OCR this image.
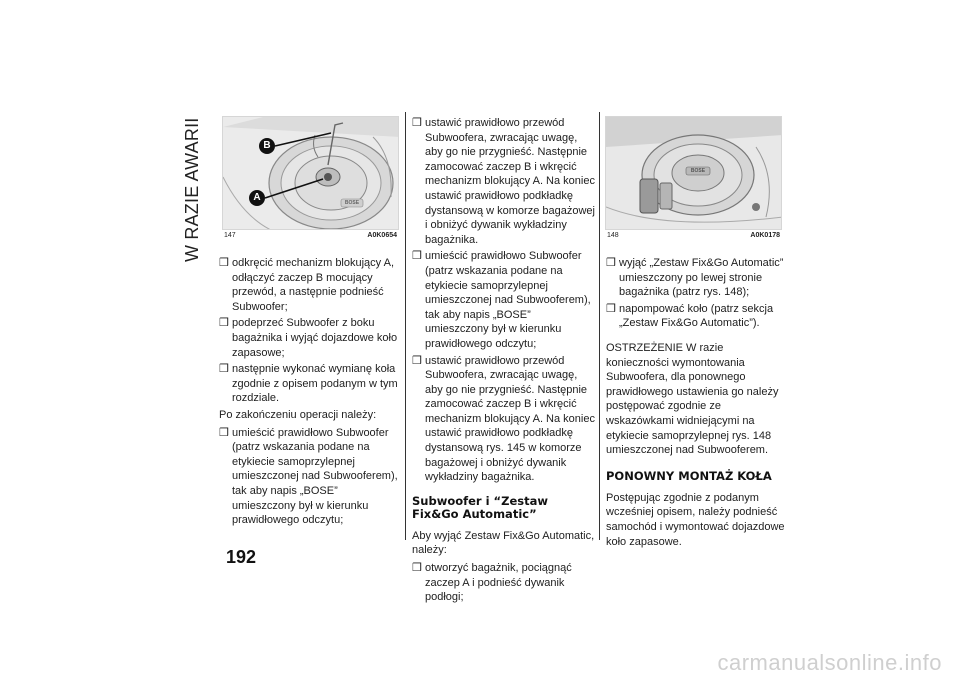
W RAZIE AWARII	B
A	BOSE
147	A0K0654
BOSE
148	A0K0178
❒ odkręcić mechanizm blokujący A, odłączyć zaczep B mocujący przewód, a następnie podnieść Subwoofer;
❒ podeprzeć Subwoofer z boku bagażnika i wyjąć dojazdowe koło zapasowe;
❒ następnie wykonać wymianę koła zgodnie z opisem podanym w tym rozdziale.
Po zakończeniu operacji należy:
❒ umieścić prawidłowo Subwoofer (patrz wskazania podane na etykiecie samoprzylepnej umieszczonej nad Subwooferem), tak aby napis „BOSE” umieszczony był w kierunku prawidłowego odczytu;
❒ ustawić prawidłowo przewód Subwoofera, zwracając uwagę, aby go nie przygnieść. Następnie zamocować zaczep B i wkręcić mechanizm blokujący A. Na koniec ustawić prawidłowo podkładkę dystansową w komorze bagażowej i obniżyć dywanik wykładziny bagażnika.
❒ umieścić prawidłowo Subwoofer (patrz wskazania podane na etykiecie samoprzylepnej umieszczonej nad Subwooferem), tak aby napis „BOSE” umieszczony był w kierunku prawidłowego odczytu;
❒ ustawić prawidłowo przewód Subwoofera, zwracając uwagę, aby go nie przygnieść. Następnie zamocować zaczep B i wkręcić mechanizm blokujący A. Na koniec ustawić prawidłowo podkładkę dystansową rys. 145 w komorze bagażowej i obniżyć dywanik wykładziny bagażnika.
Subwoofer i “Zestaw Fix&Go Automatic”
Aby wyjąć Zestaw Fix&Go Automatic, należy:
❒ otworzyć bagażnik, pociągnąć zaczep A i podnieść dywanik podłogi;
❒ wyjąć „Zestaw Fix&Go Automatic” umieszczony po lewej stronie bagażnika (patrz rys. 148);
❒ napompować koło (patrz sekcja „Zestaw Fix&Go Automatic”).
OSTRZEŻENIE W razie konieczności wymontowania Subwoofera, dla ponownego prawidłowego ustawienia go należy postępować zgodnie ze wskazówkami widniejącymi na etykiecie samoprzylepnej rys. 148 umieszczonej nad Subwooferem.
PONOWNY MONTAŻ KOŁA
Postępując zgodnie z podanym wcześniej opisem, należy podnieść samochód i wymontować dojazdowe koło zapasowe.
192
carmanualsonline.info
